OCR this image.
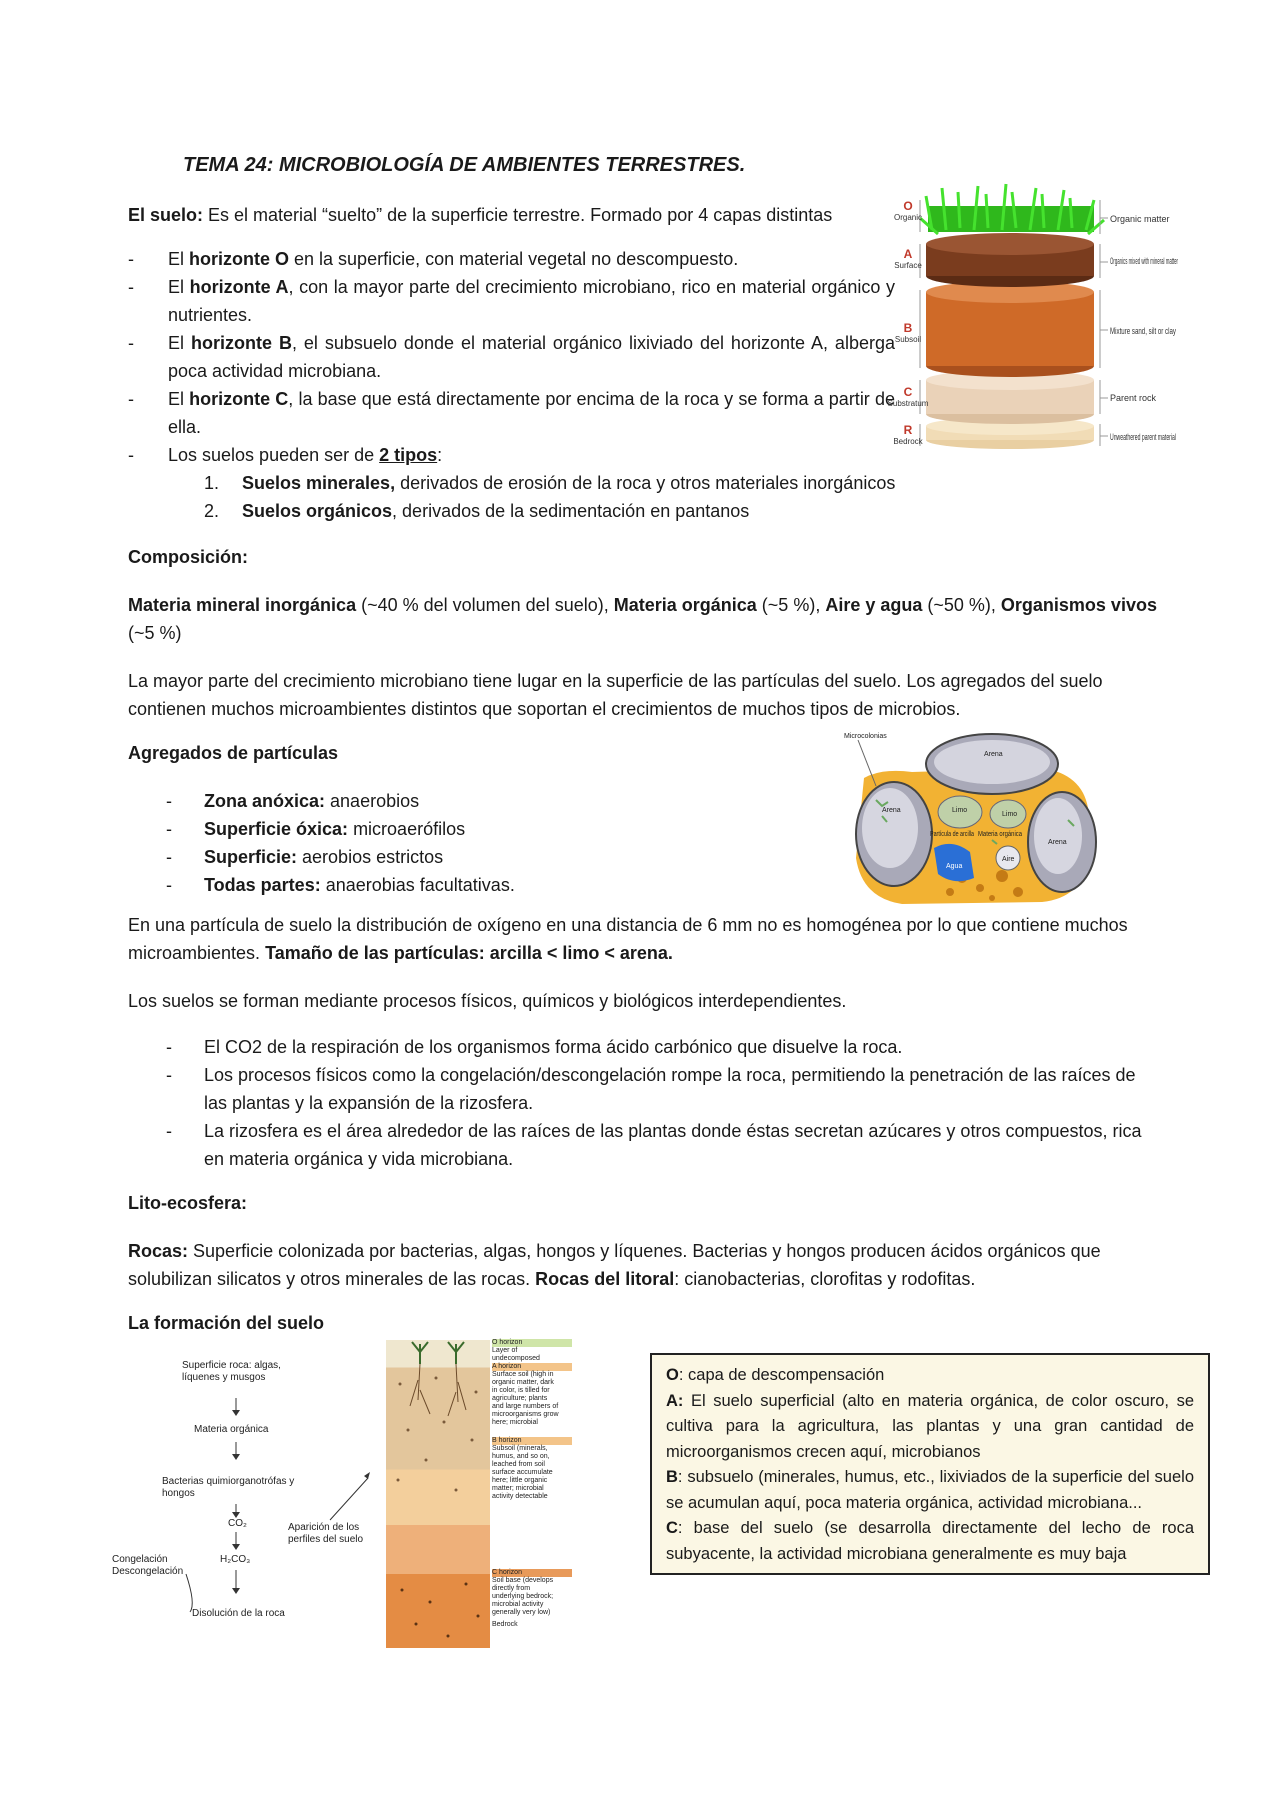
TEMA 24: MICROBIOLOGÍA DE AMBIENTES TERRESTRES.

El suelo: Es el material “suelto” de la superficie terrestre. Formado por 4 capas distintas

- El horizonte O en la superficie, con material vegetal no descompuesto.
- El horizonte A, con la mayor parte del crecimiento microbiano, rico en material orgánico y nutrientes.
- El horizonte B, el subsuelo donde el material orgánico lixiviado del horizonte A, alberga poca actividad microbiana.
- El horizonte C, la base que está directamente por encima de la roca y se forma a partir de ella.
- Los suelos pueden ser de 2 tipos:
1. Suelos minerales, derivados de erosión de la roca y otros materiales inorgánicos
2. Suelos orgánicos, derivados de la sedimentación en pantanos
O
A
B
C
R
Organic
Surface
Subsoil
Substratum
Bedrock
Organic matter
Organics mixed with mineral matter
Mixture sand, silt or clay
Parent rock
Unweathered parent material

Composición:

Materia mineral inorgánica (~40 % del volumen del suelo), Materia orgánica (~5 %), Aire y agua (~50 %), Organismos vivos (~5 %)

La mayor parte del crecimiento microbiano tiene lugar en la superficie de las partículas del suelo. Los agregados del suelo contienen muchos microambientes distintos que soportan el crecimientos de muchos tipos de microbios.

Agregados de partículas

- Zona anóxica: anaerobios
- Superficie óxica: microaerófilos
- Superficie: aerobios estrictos
- Todas partes: anaerobias facultativas.
Microcolonias
Arena
Arena
Arena
Limo
Limo
Partícula de arcilla Materia orgánica
Aire
Agua

En una partícula de suelo la distribución de oxígeno en una distancia de 6 mm no es homogénea por lo que contiene muchos microambientes. Tamaño de las partículas: arcilla < limo < arena.

Los suelos se forman mediante procesos físicos, químicos y biológicos interdependientes.

- El CO2 de la respiración de los organismos forma ácido carbónico que disuelve la roca.
- Los procesos físicos como la congelación/descongelación rompe la roca, permitiendo la penetración de las raíces de las plantas y la expansión de la rizosfera.
- La rizosfera es el área alrededor de las raíces de las plantas donde éstas secretan azúcares y otros compuestos, rica en materia orgánica y vida microbiana.

Lito-ecosfera:

Rocas: Superficie colonizada por bacterias, algas, hongos y líquenes. Bacterias y hongos producen ácidos orgánicos que solubilizan silicatos y otros minerales de las rocas. Rocas del litoral: cianobacterias, clorofitas y rodofitas.

La formación del suelo

Superficie roca: algas,
líquenes y musgos
Materia orgánica
Bacterias quimiorganotrófas y
hongos
CO₂
H₂CO₃
Disolución de la roca
Congelación
Descongelación
Aparición de los
perfiles del suelo
O horizon
Layer of
undecomposed
A horizon
Surface soil (high in
organic matter, dark
in color, is tilled for
agriculture; plants
and large numbers of
microorganisms grow
here; microbial
B horizon
Subsoil (minerals,
humus, and so on,
leached from soil
surface accumulate
here; little organic
matter; microbial
activity detectable
C horizon
Soil base (develops
directly from
underlying bedrock;
microbial activity
generally very low)
Bedrock
O: capa de descompensación
A: El suelo superficial (alto en materia orgánica, de color oscuro, se cultiva para la agricultura, las plantas y una gran cantidad de microorganismos crecen aquí, microbianos
B: subsuelo (minerales, humus, etc., lixiviados de la superficie del suelo se acumulan aquí, poca materia orgánica, actividad microbiana...
C: base del suelo (se desarrolla directamente del lecho de roca subyacente, la actividad microbiana generalmente es muy baja
